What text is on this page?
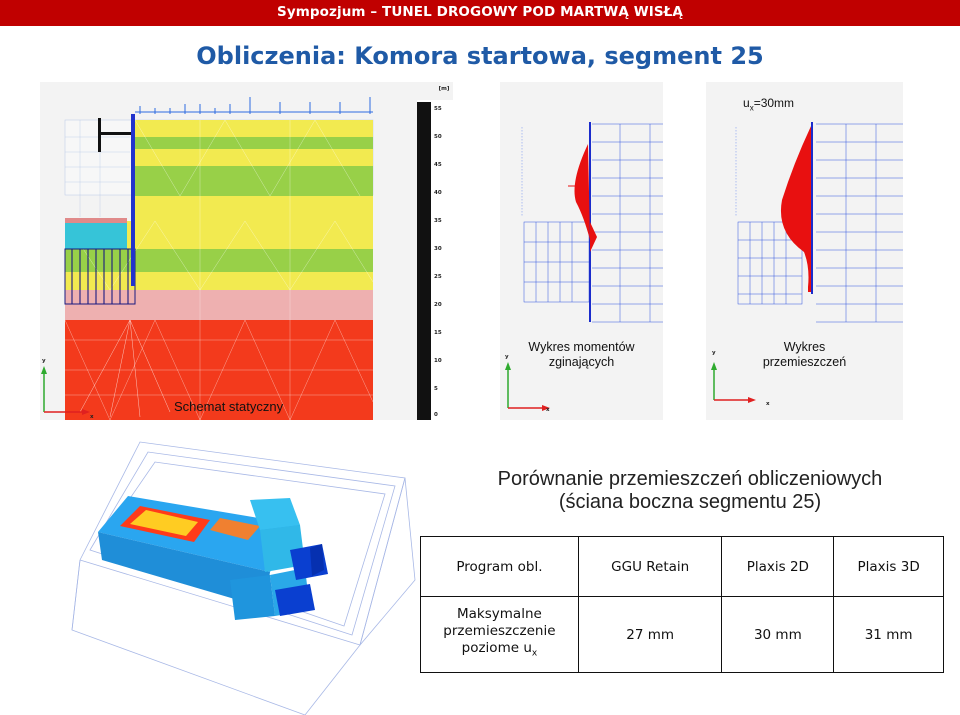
Sympozjum – TUNEL DROGOWY POD MARTWĄ WISŁĄ
Obliczenia: Komora startowa, segment 25
[m]
55
50
45
40
35
30
25
20
15
10
5
0
y
x
Schemat statyczny
y
x
Wykres momentów
zginających
y
x
$u_x=30mm$
Wykres
przemieszczeń
Porównanie przemieszczeń obliczeniowych
(ściana boczna segmentu 25)
Program obl.	GGU Retain	Plaxis 2D	Plaxis 3D

Maksymalne
przemieszczenie
poziome $u_x$	27 mm	30 mm	31 mm
